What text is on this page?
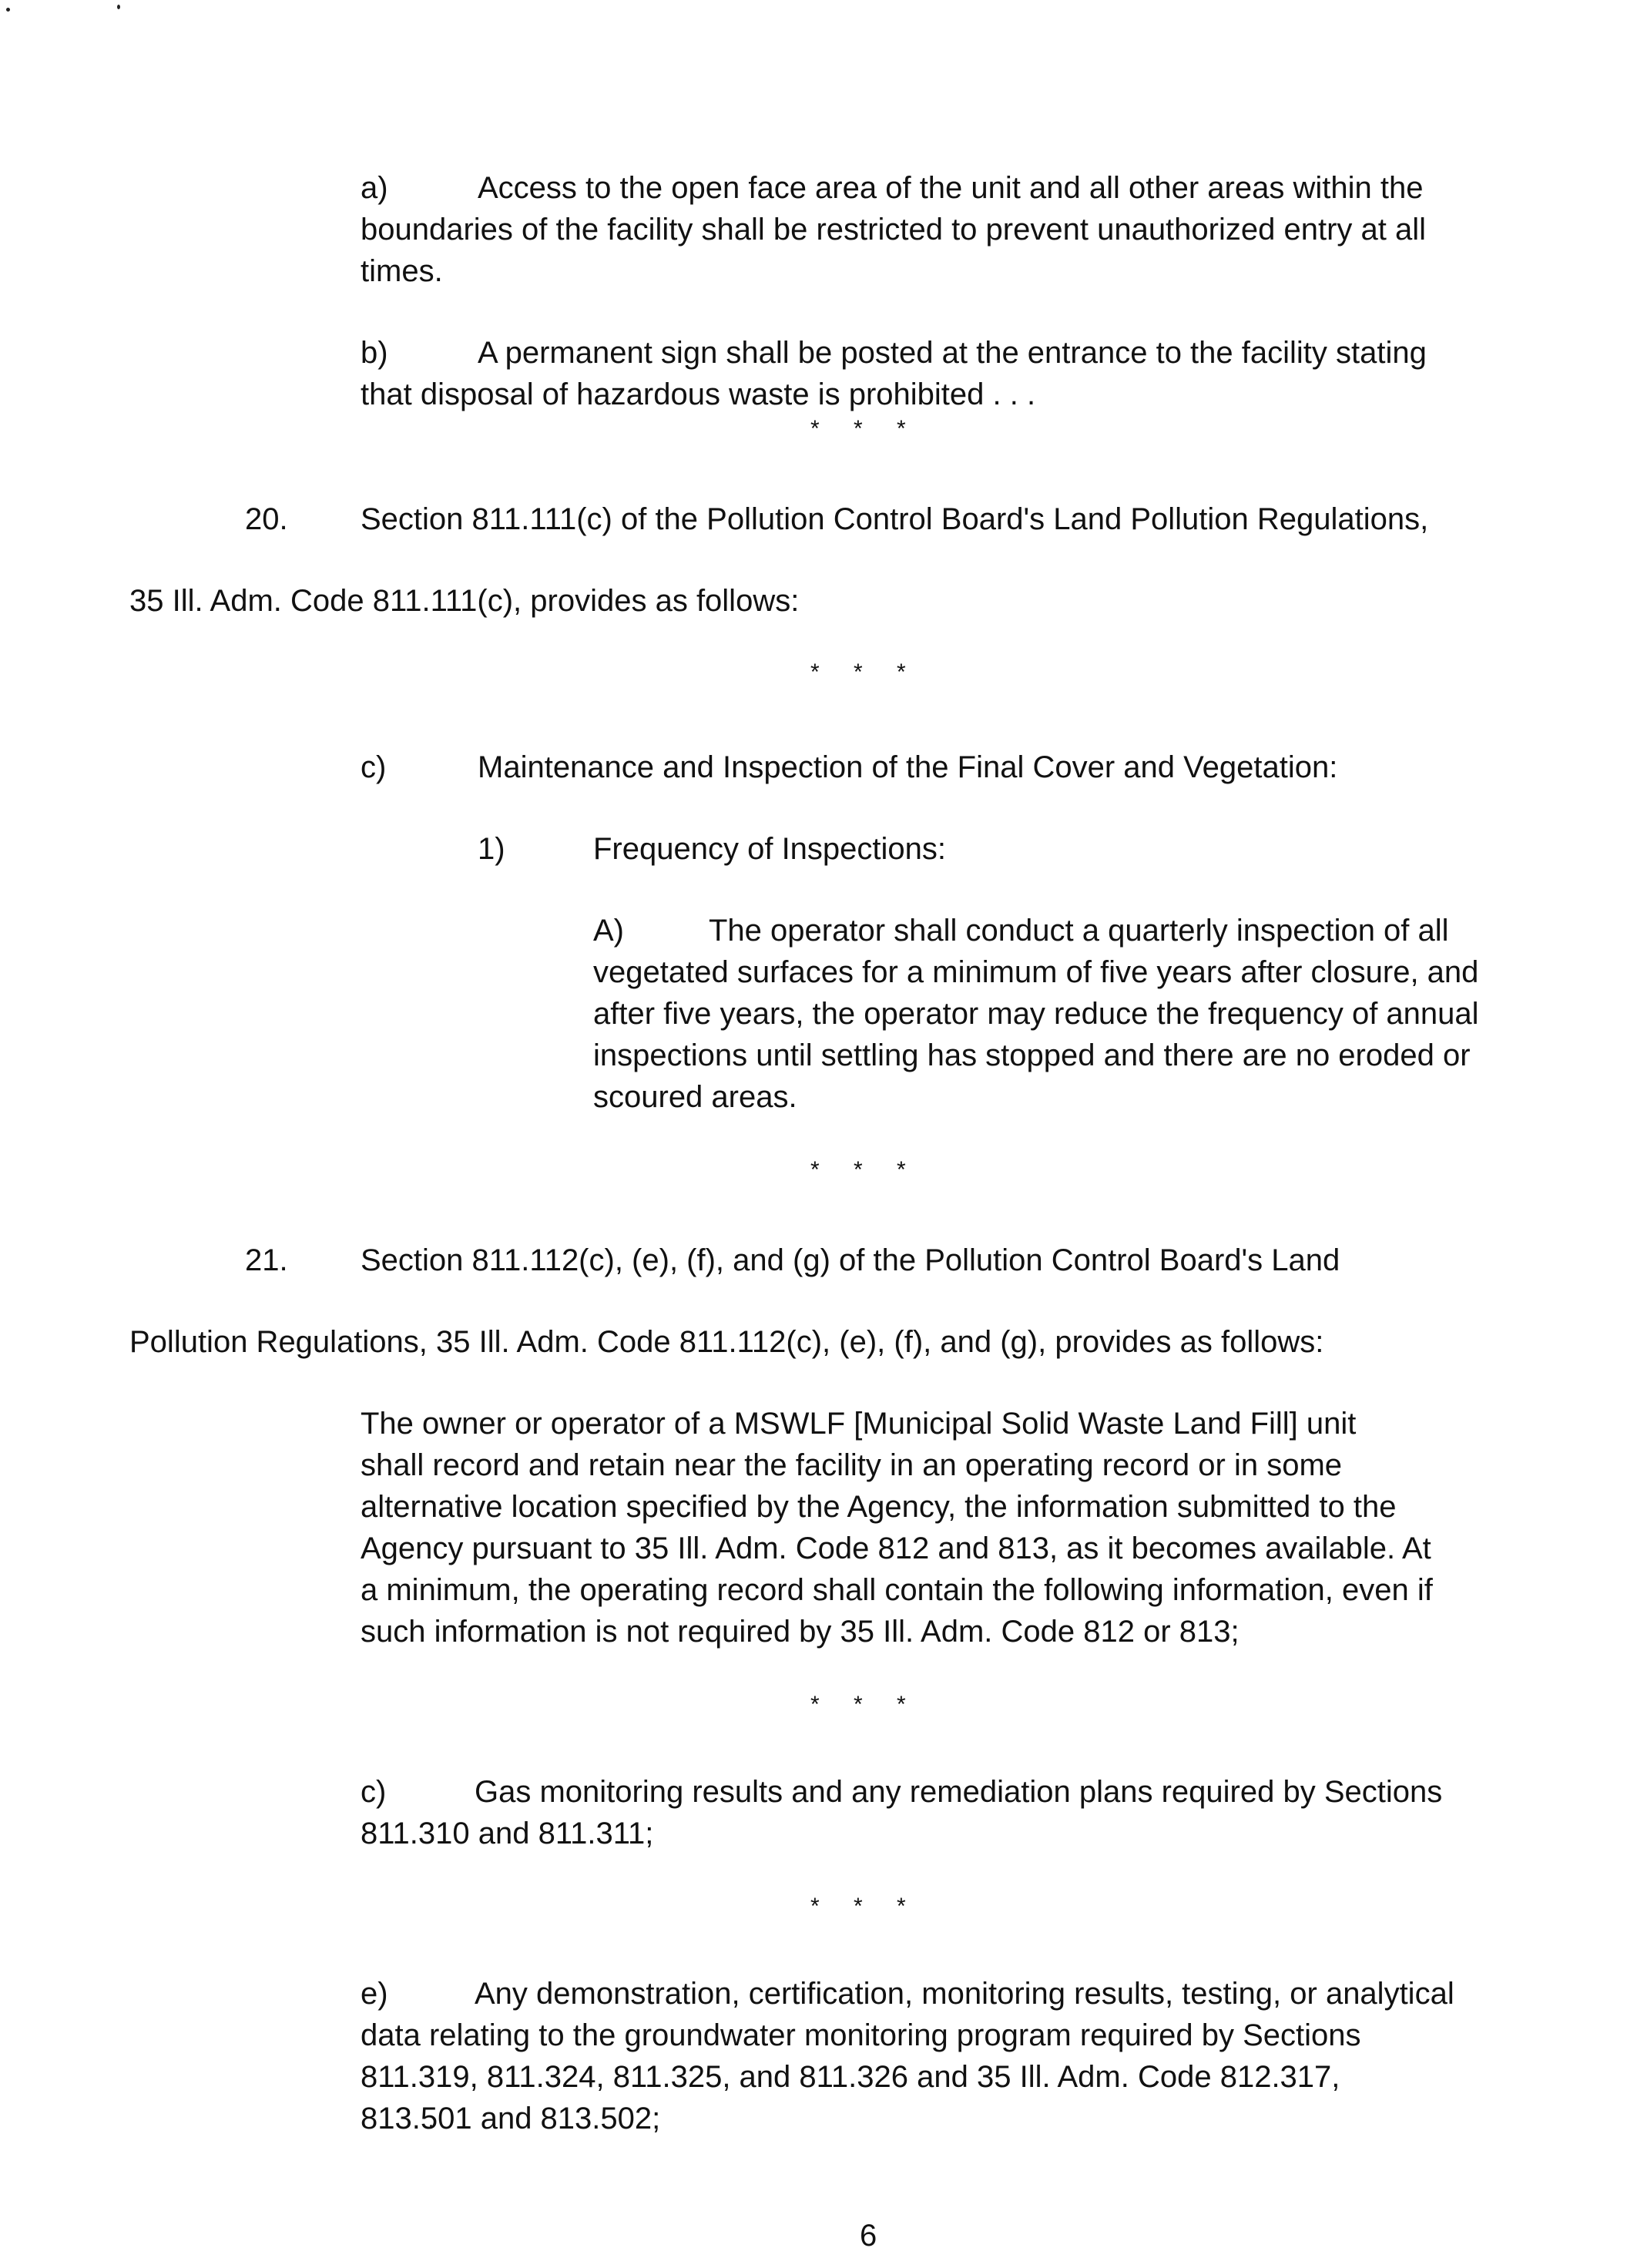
a)	Access to the open face area of the unit and all other areas within the
boundaries of the facility shall be restricted to prevent unauthorized entry at all
times.
b)	A permanent sign shall be posted at the entrance to the facility stating
that disposal of hazardous waste is prohibited . . .
* * *
20. Section 811.111(c) of the Pollution Control Board's Land Pollution Regulations,
35 Ill. Adm. Code 811.111(c), provides as follows:
* * *
c)	Maintenance and Inspection of the Final Cover and Vegetation:
1)	Frequency of Inspections:
A)	The operator shall conduct a quarterly inspection of all
vegetated surfaces for a minimum of five years after closure, and
after five years, the operator may reduce the frequency of annual
inspections until settling has stopped and there are no eroded or
scoured areas.
* * *
21. Section 811.112(c), (e), (f), and (g) of the Pollution Control Board's Land
Pollution Regulations, 35 Ill. Adm. Code 811.112(c), (e), (f), and (g), provides as follows:
The owner or operator of a MSWLF [Municipal Solid Waste Land Fill] unit
shall record and retain near the facility in an operating record or in some
alternative location specified by the Agency, the information submitted to the
Agency pursuant to 35 Ill. Adm. Code 812 and 813, as it becomes available. At
a minimum, the operating record shall contain the following information, even if
such information is not required by 35 Ill. Adm. Code 812 or 813;
* * *
c)	Gas monitoring results and any remediation plans required by Sections
811.310 and 811.311;
* * *
e)	Any demonstration, certification, monitoring results, testing, or analytical
data relating to the groundwater monitoring program required by Sections
811.319, 811.324, 811.325, and 811.326 and 35 Ill. Adm. Code 812.317,
813.501 and 813.502;
6
